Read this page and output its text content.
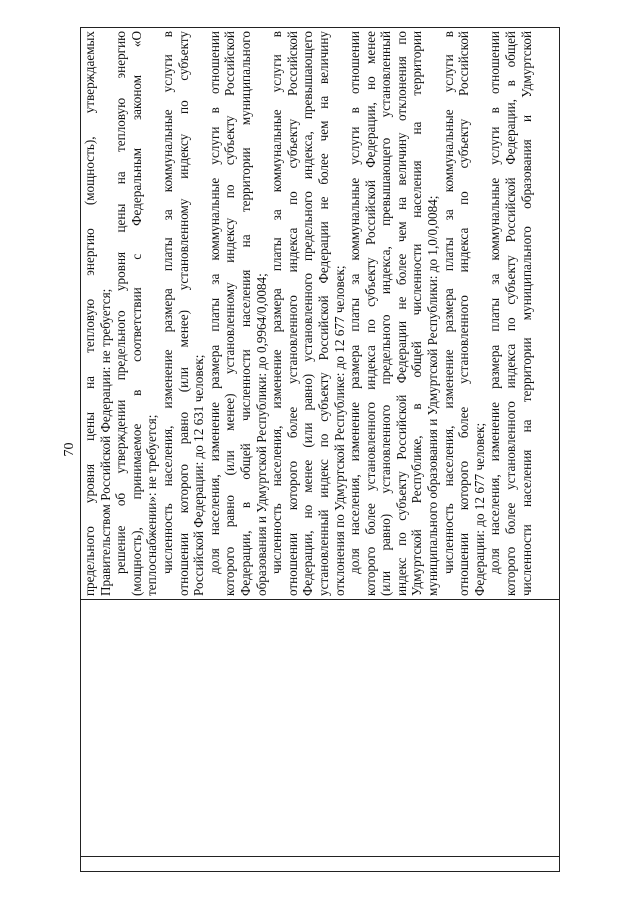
70 предельного уровня цены на тепловую энергию (мощность), утверждаемых Правительством Российской Федерации: не требуется; решение об утверждении предельного уровня цены на тепловую энергию (мощность), принимаемое в соответствии с Федеральным законом «О теплоснабжении»: не требуется; численность населения, изменение размера платы за коммунальные услуги в отношении которого равно (или менее) установленному индексу по субъекту Российской Федерации: до 12 631 человек; доля населения, изменение размера платы за коммунальные услуги в отношении которого равно (или менее) установленному индексу по субъекту Российской Федерации, в общей численности населения на территории муниципального образования и Удмуртской Республики: до 0,9964/0,0084; численность населения, изменение размера платы за коммунальные услуги в отношении которого более установленного индекса по субъекту Российской Федерации, но менее (или равно) установленного предельного индекса, превышающего установленный индекс по субъекту Российской Федерации не более чем на величину отклонения по Удмуртской Республике: до 12 677 человек; доля населения, изменение размера платы за коммунальные услуги в отношении которого более установленного индекса по субъекту Российской Федерации, но менее (или равно) установленного предельного индекса, превышающего установленный индекс по субъекту Российской Федерации не более чем на величину отклонения по Удмуртской Республике, в общей численности населения на территории муниципального образования и Удмуртской Республики: до 1,0/0,0084; численность населения, изменение размера платы за коммунальные услуги в отношении которого более установленного индекса по субъекту Российской Федерации: до 12 677 человек; доля населения, изменение размера платы за коммунальные услуги в отношении которого более установленного индекса по субъекту Российской Федерации, в общей численности населения на территории муниципального образования и Удмуртской
